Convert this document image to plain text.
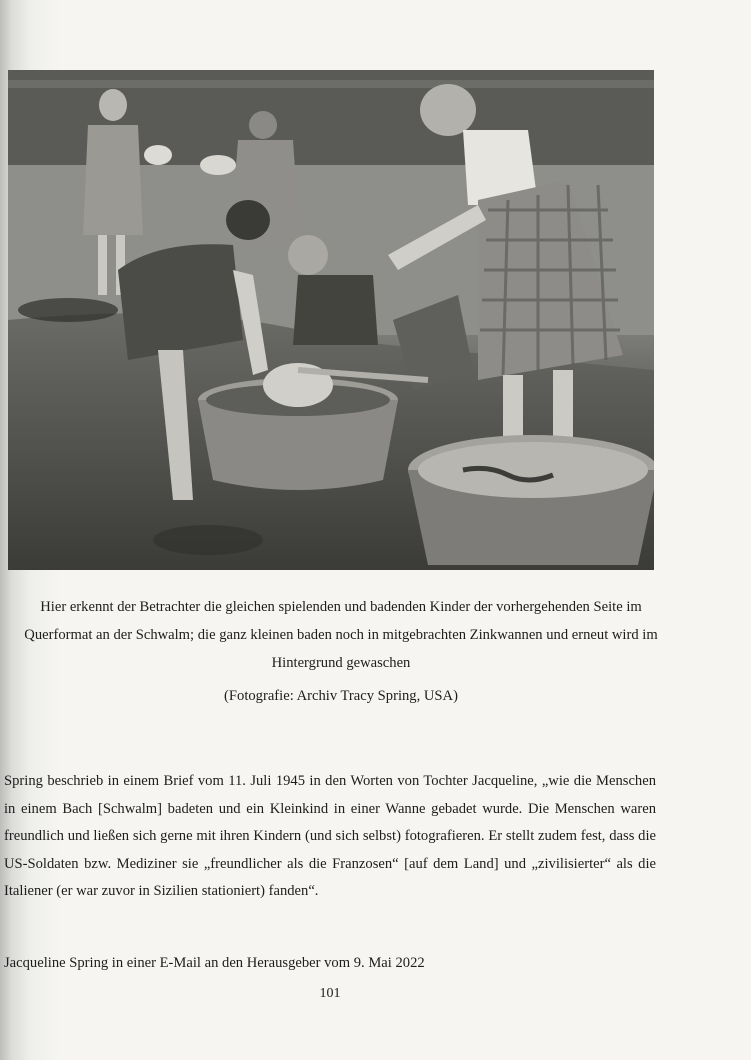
Hier erkennt der Betrachter die gleichen spielenden und badenden Kinder der vorhergehenden Seite im Querformat an der Schwalm; die ganz kleinen baden noch in mitgebrachten Zinkwannen und erneut wird im Hintergrund gewaschen
(Fotografie: Archiv Tracy Spring, USA)
Spring beschrieb in einem Brief vom 11. Juli 1945 in den Worten von Tochter Jacqueline, „wie die Menschen in einem Bach [Schwalm] badeten und ein Kleinkind in einer Wanne gebadet wurde. Die Menschen waren freundlich und ließen sich gerne mit ihren Kindern (und sich selbst) fotografieren. Er stellt zudem fest, dass die US-Soldaten bzw. Mediziner sie „freundlicher als die Franzosen“ [auf dem Land] und „zivilisierter“ als die Italiener (er war zuvor in Sizilien stationiert) fanden“.
Jacqueline Spring in einer E-Mail an den Herausgeber vom 9. Mai 2022
101
